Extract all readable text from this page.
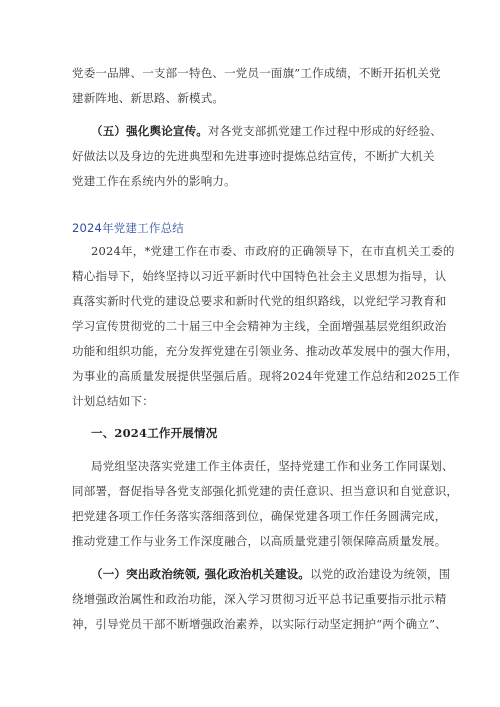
党委一品牌、一支部一特色、一党员一面旗”工作成绩，不断开拓机关党
建新阵地、新思路、新模式。
（五）强化舆论宣传。对各党支部抓党建工作过程中形成的好经验、
好做法以及身边的先进典型和先进事迹时提炼总结宣传，不断扩大机关
党建工作在系统内外的影响力。
2024年党建工作总结
2024年，*党建工作在市委、市政府的正确领导下，在市直机关工委的
精心指导下，始终坚持以习近平新时代中国特色社会主义思想为指导，认
真落实新时代党的建设总要求和新时代党的组织路线，以党纪学习教育和
学习宣传贯彻党的二十届三中全会精神为主线，全面增强基层党组织政治
功能和组织功能，充分发挥党建在引领业务、推动改革发展中的强大作用，
为事业的高质量发展提供坚强后盾。现将2024年党建工作总结和2025工作
计划总结如下：
一、2024工作开展情况
局党组坚决落实党建工作主体责任，坚持党建工作和业务工作同谋划、
同部署，督促指导各党支部强化抓党建的责任意识、担当意识和自觉意识，
把党建各项工作任务落实落细落到位，确保党建各项工作任务圆满完成，
推动党建工作与业务工作深度融合，以高质量党建引领保障高质量发展。
（一）突出政治统领, 强化政治机关建设。以党的政治建设为统领，围
绕增强政治属性和政治功能，深入学习贯彻习近平总书记重要指示批示精
神，引导党员干部不断增强政治素养，以实际行动坚定拥护“两个确立”、
